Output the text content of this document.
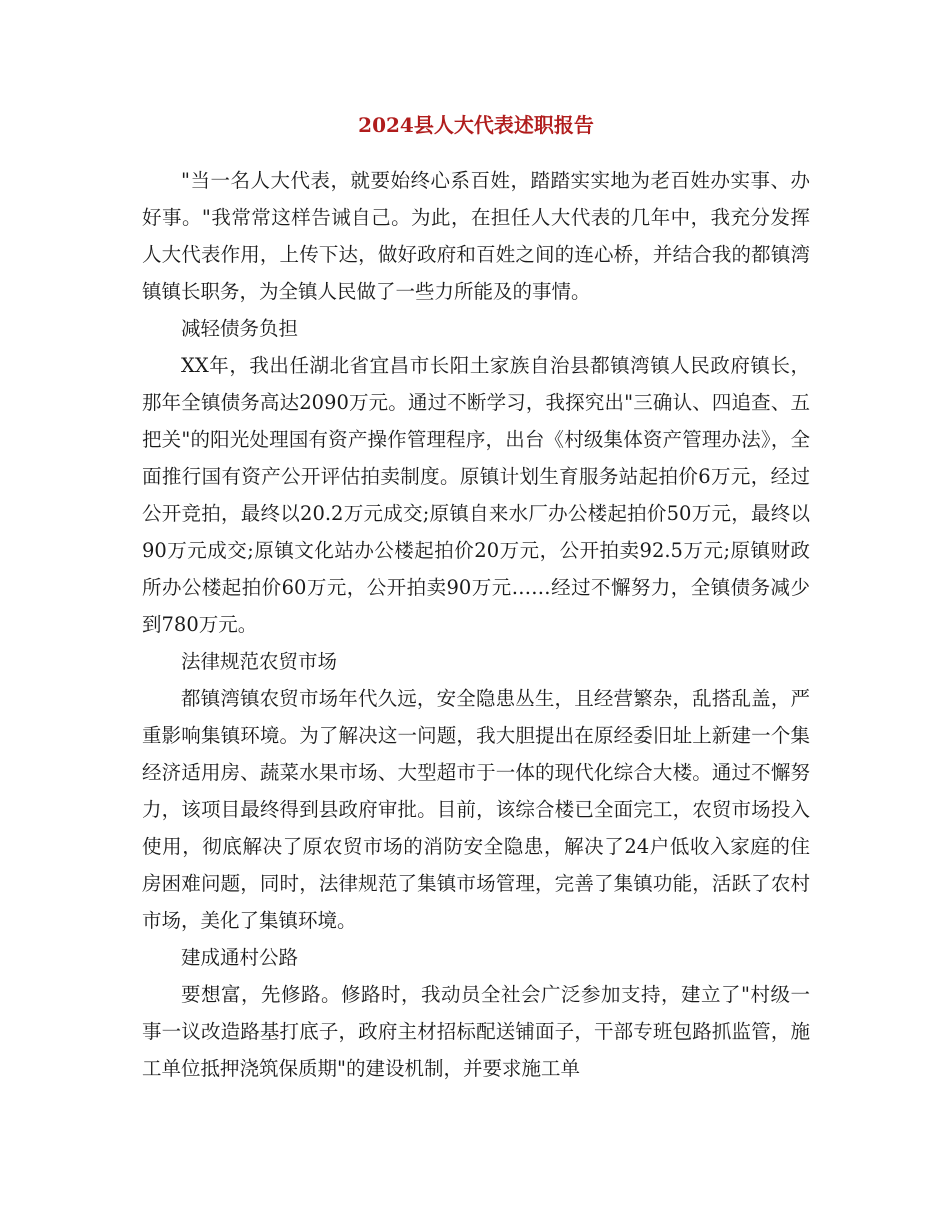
2024县人大代表述职报告

"当一名人大代表，就要始终心系百姓，踏踏实实地为老百姓办实事、办好事。"我常常这样告诫自己。为此，在担任人大代表的几年中，我充分发挥人大代表作用，上传下达，做好政府和百姓之间的连心桥，并结合我的都镇湾镇镇长职务，为全镇人民做了一些力所能及的事情。

减轻债务负担

XX年，我出任湖北省宜昌市长阳土家族自治县都镇湾镇人民政府镇长，那年全镇债务高达2090万元。通过不断学习，我探究出"三确认、四追查、五把关"的阳光处理国有资产操作管理程序，出台《村级集体资产管理办法》，全面推行国有资产公开评估拍卖制度。原镇计划生育服务站起拍价6万元，经过公开竞拍，最终以20.2万元成交;原镇自来水厂办公楼起拍价50万元，最终以90万元成交;原镇文化站办公楼起拍价20万元，公开拍卖92.5万元;原镇财政所办公楼起拍价60万元，公开拍卖90万元……经过不懈努力，全镇债务减少到780万元。

法律规范农贸市场

都镇湾镇农贸市场年代久远，安全隐患丛生，且经营繁杂，乱搭乱盖，严重影响集镇环境。为了解决这一问题，我大胆提出在原经委旧址上新建一个集经济适用房、蔬菜水果市场、大型超市于一体的现代化综合大楼。通过不懈努力，该项目最终得到县政府审批。目前，该综合楼已全面完工，农贸市场投入使用，彻底解决了原农贸市场的消防安全隐患，解决了24户低收入家庭的住房困难问题，同时，法律规范了集镇市场管理，完善了集镇功能，活跃了农村市场，美化了集镇环境。

建成通村公路

要想富，先修路。修路时，我动员全社会广泛参加支持，建立了"村级一事一议改造路基打底子，政府主材招标配送铺面子，干部专班包路抓监管，施工单位抵押浇筑保质期"的建设机制，并要求施工单
